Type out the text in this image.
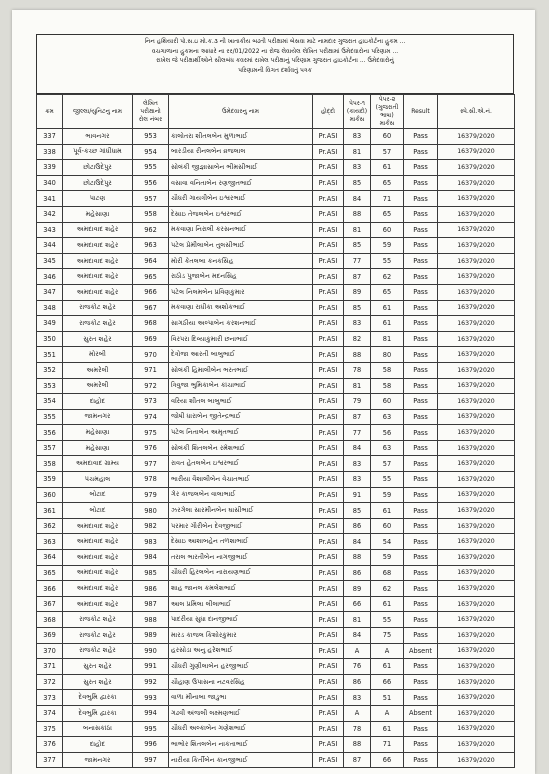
નિન હથિયારી પો.સ.ઇ મો.ક.૩ ની ખાતાકીય બઢતી પરીક્ષામાં બેસવા માટે નામદાર ગુજરાત હાઇકોર્ટના હુકમ ...
વચગાળાના હુકમના આધારે ના રર/01/2022 ના રોજ લેવાયેલ લેખિત પરીક્ષામાં ઉમેદવારોના પરિણામ ...
રાખેલ જે પરીક્ષાર્થીઓને સીલબંધ કવરમાં રાખેલ પરીક્ષાનું પરિણામ ગુજરાત હાઇકોર્ટના ... ઉમેદવારોનું
પરિણામની વિગત દર્શાવતું પત્રક
ક્રમ	જીલ્લા/યુનિટનુ નામ	લેખિત પરીક્ષાનો રોલ નંબર	ઉમેદવારનુ નામ	હોદ્દો	પેપર-૧ (કાયદો) માર્કસ	પેપર-૨ (ગુજરાતી ભાષા) માર્કસ	Result	સ્પે.સી.એ.નં.
337	ભાવનગર	953	કાલોતરા શીતલબેન મુળાભાઈ	Pr.ASI	83	60	Pass	16379/2020
338	પૂર્વ-કચ્છ ગાંધીધામ	954	બારડીયા રીનલબેન વ્રજલાલ	Pr.ASI	81	57	Pass	16379/2020
339	છોટાઉદેપુર	955	સોલંકી જીજ્ઞાસાબેન ભીમસીભાઈ	Pr.ASI	83	61	Pass	16379/2020
340	છોટાઉદેપુર	956	વસાવા વનિતાબેન રણજીતભાઈ	Pr.ASI	85	65	Pass	16379/2020
341	પાટણ	957	ચૌધરી ગાયત્રીબેન ઇશ્વરભાઈ	Pr.ASI	84	71	Pass	16379/2020
342	મહેસાણા	958	દેસાઇ તેજલબેન ઇશ્વરભાઈ	Pr.ASI	88	65	Pass	16379/2020
343	અમદાવાદ શહેર	962	મકવાણા નિરાલી કરસનભાઈ	Pr.ASI	81	60	Pass	16379/2020
344	અમદાવાદ શહેર	963	પટેલ પ્રેમીલાબેન તુલસીભાઈ	Pr.ASI	85	59	Pass	16379/2020
345	અમદાવાદ શહેર	964	મોરી કેતલબા કનકસિંહ	Pr.ASI	77	55	Pass	16379/2020
346	અમદાવાદ શહેર	965	રાઠોડ પુજાબેન મદનસિંહ	Pr.ASI	87	62	Pass	16379/2020
347	અમદાવાદ શહેર	966	પટેલ નિલમબેન પ્રવિણકુમાર	Pr.ASI	89	65	Pass	16379/2020
348	રાજકોટ શહેર	967	મકવાણા રાધીકા અશોકભાઈ	Pr.ASI	85	61	Pass	16379/2020
349	રાજકોટ શહેર	968	સાગઠીયા અલ્પાબેન કરશનભાઈ	Pr.ASI	83	61	Pass	16379/2020
350	સુરત શહેર	969	વિરપરા દિવ્યાકુમારી છનાભાઈ	Pr.ASI	82	81	Pass	16379/2020
351	મોરબી	970	દેત્રોજા આરતી બાબુભાઈ	Pr.ASI	88	80	Pass	16379/2020
352	અમરેલી	971	સોલંકી હિમાલીબેન ભરતભાઈ	Pr.ASI	78	58	Pass	16379/2020
353	અમરેલી	972	ત્રિવુજા ભુમિકાબેન કાંચાભાઈ	Pr.ASI	81	58	Pass	16379/2020
354	દાહોદ	973	વરિયા શીતલ બાબુભાઈ	Pr.ASI	79	60	Pass	16379/2020
355	જામનગર	974	જોષી ધારાબેન જીતેન્દ્રભાઈ	Pr.ASI	87	63	Pass	16379/2020
356	મહેસાણા	975	પટેલ નિતાબેન અમૃતભાઈ	Pr.ASI	77	56	Pass	16379/2020
357	મહેસાણા	976	સોલંકી શિતલબેન રમેશભાઈ	Pr.ASI	84	63	Pass	16379/2020
358	અમદાવાદ ગ્રામ્ય	977	રાવત હેતલબેન ઇશ્વરભાઈ	Pr.ASI	83	57	Pass	16379/2020
359	પંચમહાલ	978	ભારીયા વૈશાલીબેન વેચાતભાઈ	Pr.ASI	83	55	Pass	16379/2020
360	બોટાદ	979	ગેર કાજલબેન વાલાભાઈ	Pr.ASI	91	59	Pass	16379/2020
361	બોટાદ	980	ઝરગેલા સારમીનબેન ઘાસીભાઈ	Pr.ASI	85	61	Pass	16379/2020
362	અમદાવાદ શહેર	982	પરમાર ગૌરીબેન દેવજીભાઈ	Pr.ASI	86	60	Pass	16379/2020
363	અમદાવાદ શહેર	983	દેસાઇ આશાબહેન તળશાભાઈ	Pr.ASI	84	54	Pass	16379/2020
364	અમદાવાદ શહેર	984	તરાલ ભારતીબેન નાગજીભાઈ	Pr.ASI	88	59	Pass	16379/2020
365	અમદાવાદ શહેર	985	ચૌધરી હિરલબેન નારાયણભાઈ	Pr.ASI	86	68	Pass	16379/2020
366	અમદાવાદ શહેર	986	શાહ જાનલ કમલેશભાઈ	Pr.ASI	89	62	Pass	16379/2020
367	અમદાવાદ શહેર	987	આલ પ્રમિલા લીલાભાઈ	Pr.ASI	66	61	Pass	16379/2020
368	રાજકોટ શહેર	988	પાદરીયા સુધા દાનજીભાઈ	Pr.ASI	81	55	Pass	16379/2020
369	રાજકોટ શહેર	989	મારડ કાજલ કિશોરકુમાર	Pr.ASI	84	75	Pass	16379/2020
370	રાજકોટ શહેર	990	હરસોડા અનુ હરેશભાઈ	Pr.ASI	A	A	Absent	16379/2020
371	સુરત શહેર	991	ચૌધરી ગુણીલાબેન હરજીભાઈ	Pr.ASI	76	61	Pass	16379/2020
372	સુરત શહેર	992	ચૌહાણ ઉપાસના નટવરસિંહ	Pr.ASI	86	66	Pass	16379/2020
373	દેવભુમિ દ્વારકા	993	વાળા મીનાબા જાડુભા	Pr.ASI	83	51	Pass	16379/2020
374	દેવભુમિ દ્વારકા	994	ગઢવી અંજલી લક્ષ્મણભાઈ	Pr.ASI	A	A	Absent	16379/2020
375	બનાસકાંઠા	995	ચૌધરી અલ્કાબેન ગણેશભાઈ	Pr.ASI	78	61	Pass	16379/2020
376	દાહોદ	996	ભાભોર શિતલબેન નાકતાભાઈ	Pr.ASI	88	71	Pass	16379/2020
377	જામનગર	997	નારીયા કિર્તીબેન કાનજીભાઈ	Pr.ASI	87	66	Pass	16379/2020
